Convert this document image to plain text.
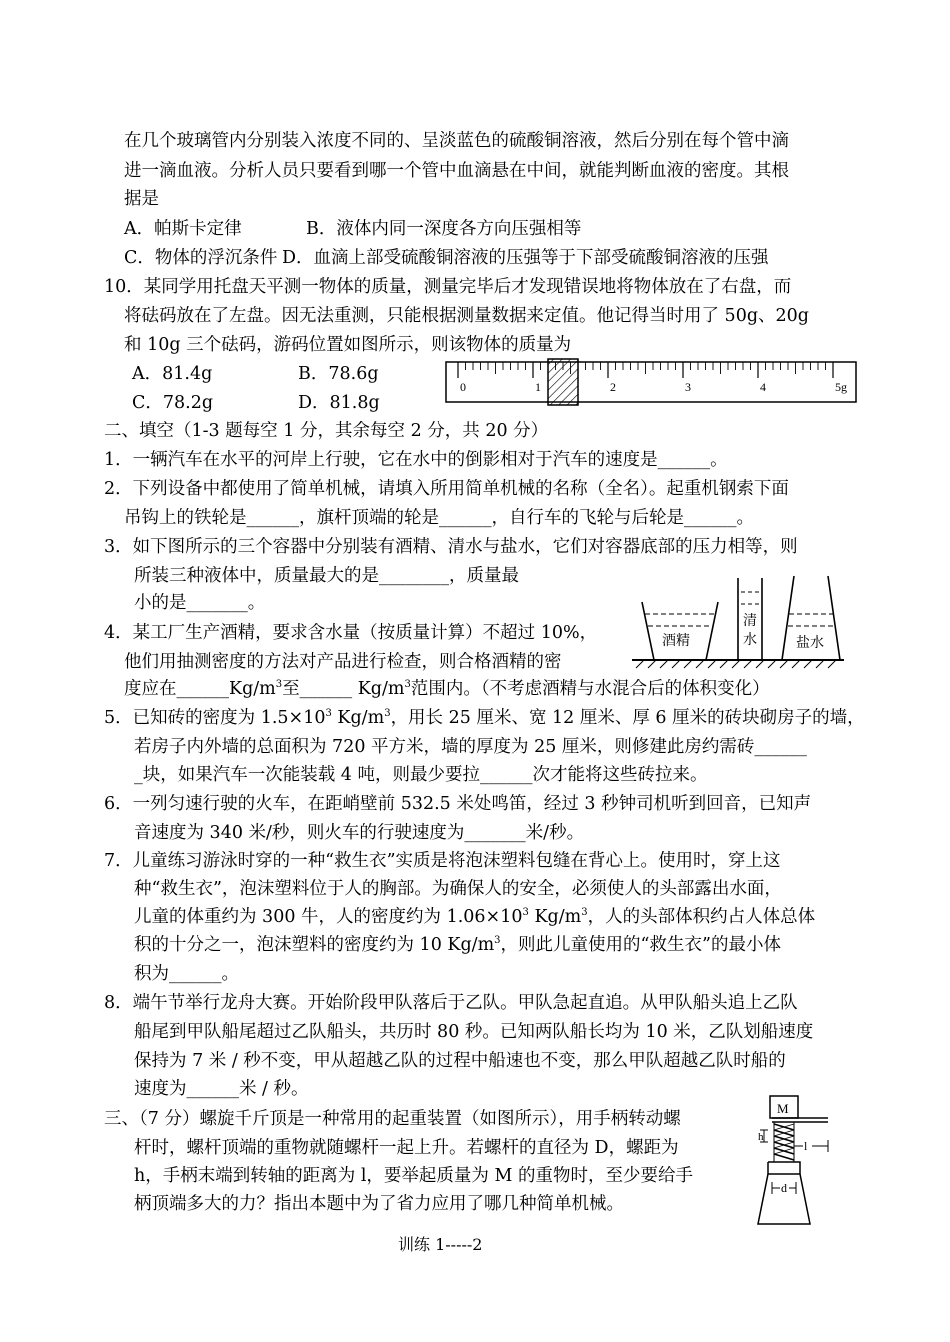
在几个玻璃管内分别装入浓度不同的、呈淡蓝色的硫酸铜溶液，然后分别在每个管中滴
进一滴血液。分析人员只要看到哪一个管中血滴悬在中间，就能判断血液的密度。其根
据是
A．帕斯卡定律	B．液体内同一深度各方向压强相等
C．物体的浮沉条件 D．血滴上部受硫酸铜溶液的压强等于下部受硫酸铜溶液的压强
10．某同学用托盘天平测一物体的质量，测量完毕后才发现错误地将物体放在了右盘，而
将砝码放在了左盘。因无法重测，只能根据测量数据来定值。他记得当时用了 50g、20g
和 10g 三个砝码，游码位置如图所示，则该物体的质量为
A．81.4g	B．78.6g
C．78.2g	D．81.8g
0	1	2	3	4	5g
二、填空（1-3 题每空 1 分，其余每空 2 分，共 20 分）
1．一辆汽车在水平的河岸上行驶，它在水中的倒影相对于汽车的速度是______。
2．下列设备中都使用了简单机械，请填入所用简单机械的名称（全名）。起重机钢索下面
吊钩上的铁轮是______，旗杆顶端的轮是______，自行车的飞轮与后轮是______。
3．如下图所示的三个容器中分别装有酒精、清水与盐水，它们对容器底部的压力相等，则
所装三种液体中，质量最大的是________，质量最
小的是_______。
酒精
清
水	盐水
4．某工厂生产酒精，要求含水量（按质量计算）不超过 10%，
他们用抽测密度的方法对产品进行检查，则合格酒精的密
度应在$\_\_\_\_\_\_Kg/m^3$至______ $Kg/m^3$范围内。（不考虑酒精与水混合后的体积变化）
5．已知砖的密度为 $1.5\times 10^3$ $Kg/m^3$，用长 25 厘米、宽 12 厘米、厚 6 厘米的砖块砌房子的墙，
若房子内外墙的总面积为 720 平方米，墙的厚度为 25 厘米，则修建此房约需砖______
_块，如果汽车一次能装载 4 吨，则最少要拉______次才能将这些砖拉来。
6．一列匀速行驶的火车，在距峭壁前 532.5 米处鸣笛，经过 3 秒钟司机听到回音，已知声
音速度为 340 米/秒，则火车的行驶速度为_______米/秒。
7．儿童练习游泳时穿的一种“救生衣”实质是将泡沫塑料包缝在背心上。使用时，穿上这
种“救生衣”，泡沫塑料位于人的胸部。为确保人的安全，必须使人的头部露出水面，
儿童的体重约为 300 牛，人的密度约为 $1.06\times 10^3$ $Kg/m^3$，人的头部体积约占人体总体
积的十分之一，泡沫塑料的密度约为 10 $Kg/m^3$，则此儿童使用的“救生衣”的最小体
积为______。
8．端午节举行龙舟大赛。开始阶段甲队落后于乙队。甲队急起直追。从甲队船头追上乙队
船尾到甲队船尾超过乙队船头，共历时 80 秒。已知两队船长均为 10 米，乙队划船速度
保持为 7 米 / 秒不变，甲从超越乙队的过程中船速也不变，那么甲队超越乙队时船的
速度为______米 / 秒。
三、（7 分）螺旋千斤顶是一种常用的起重装置（如图所示），用手柄转动螺
杆时，螺杆顶端的重物就随螺杆一起上升。若螺杆的直径为 D，螺距为
h，手柄末端到转轴的距离为 l，要举起质量为 M 的重物时，至少要给手
柄顶端多大的力？指出本题中为了省力应用了哪几种简单机械。
M
h
l
d
训练 1-----2
